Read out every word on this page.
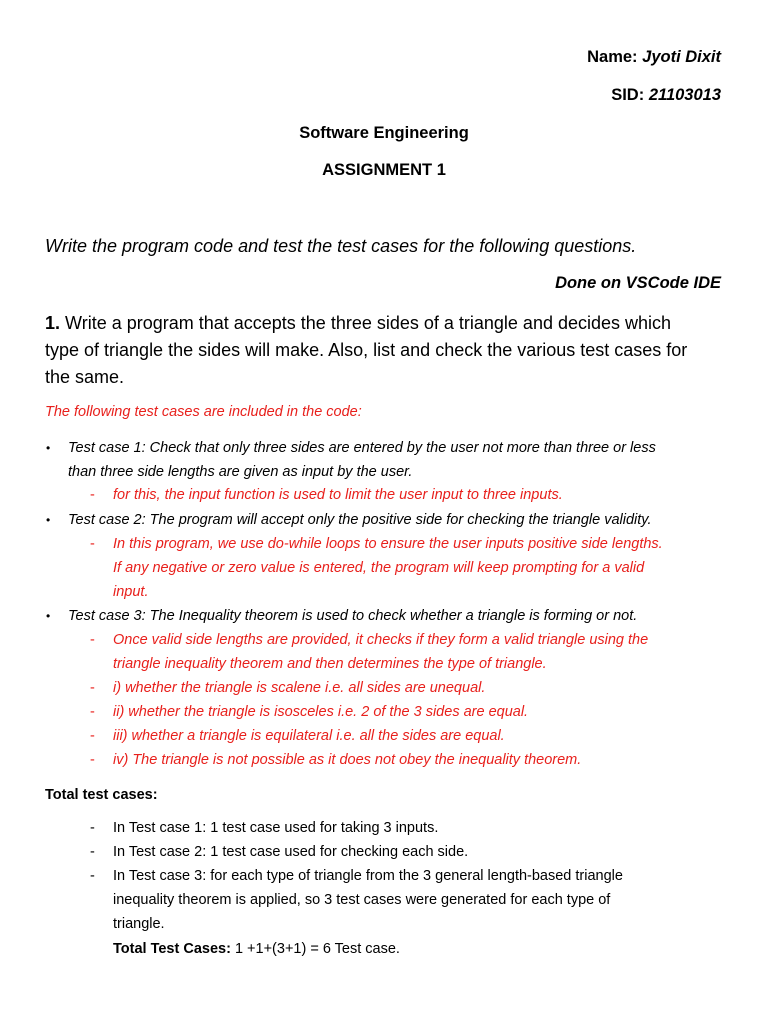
Name: Jyoti Dixit
SID: 21103013
Software Engineering
ASSIGNMENT 1
Write the program code and test the test cases for the following questions.
Done on VSCode IDE
1. Write a program that accepts the three sides of a triangle and decides which
type of triangle the sides will make. Also, list and check the various test cases for
the same.
The following test cases are included in the code:
• Test case 1: Check that only three sides are entered by the user not more than three or less
than three side lengths are given as input by the user.
- for this, the input function is used to limit the user input to three inputs.
• Test case 2: The program will accept only the positive side for checking the triangle validity.
- In this program, we use do-while loops to ensure the user inputs positive side lengths.
If any negative or zero value is entered, the program will keep prompting for a valid
input.
• Test case 3: The Inequality theorem is used to check whether a triangle is forming or not.
- Once valid side lengths are provided, it checks if they form a valid triangle using the
triangle inequality theorem and then determines the type of triangle.
- i) whether the triangle is scalene i.e. all sides are unequal.
- ii) whether the triangle is isosceles i.e. 2 of the 3 sides are equal.
- iii) whether a triangle is equilateral i.e. all the sides are equal.
- iv) The triangle is not possible as it does not obey the inequality theorem.
Total test cases:
- In Test case 1: 1 test case used for taking 3 inputs.
- In Test case 2: 1 test case used for checking each side.
- In Test case 3: for each type of triangle from the 3 general length-based triangle
inequality theorem is applied, so 3 test cases were generated for each type of
triangle.
Total Test Cases: 1 +1+(3+1) = 6 Test case.
